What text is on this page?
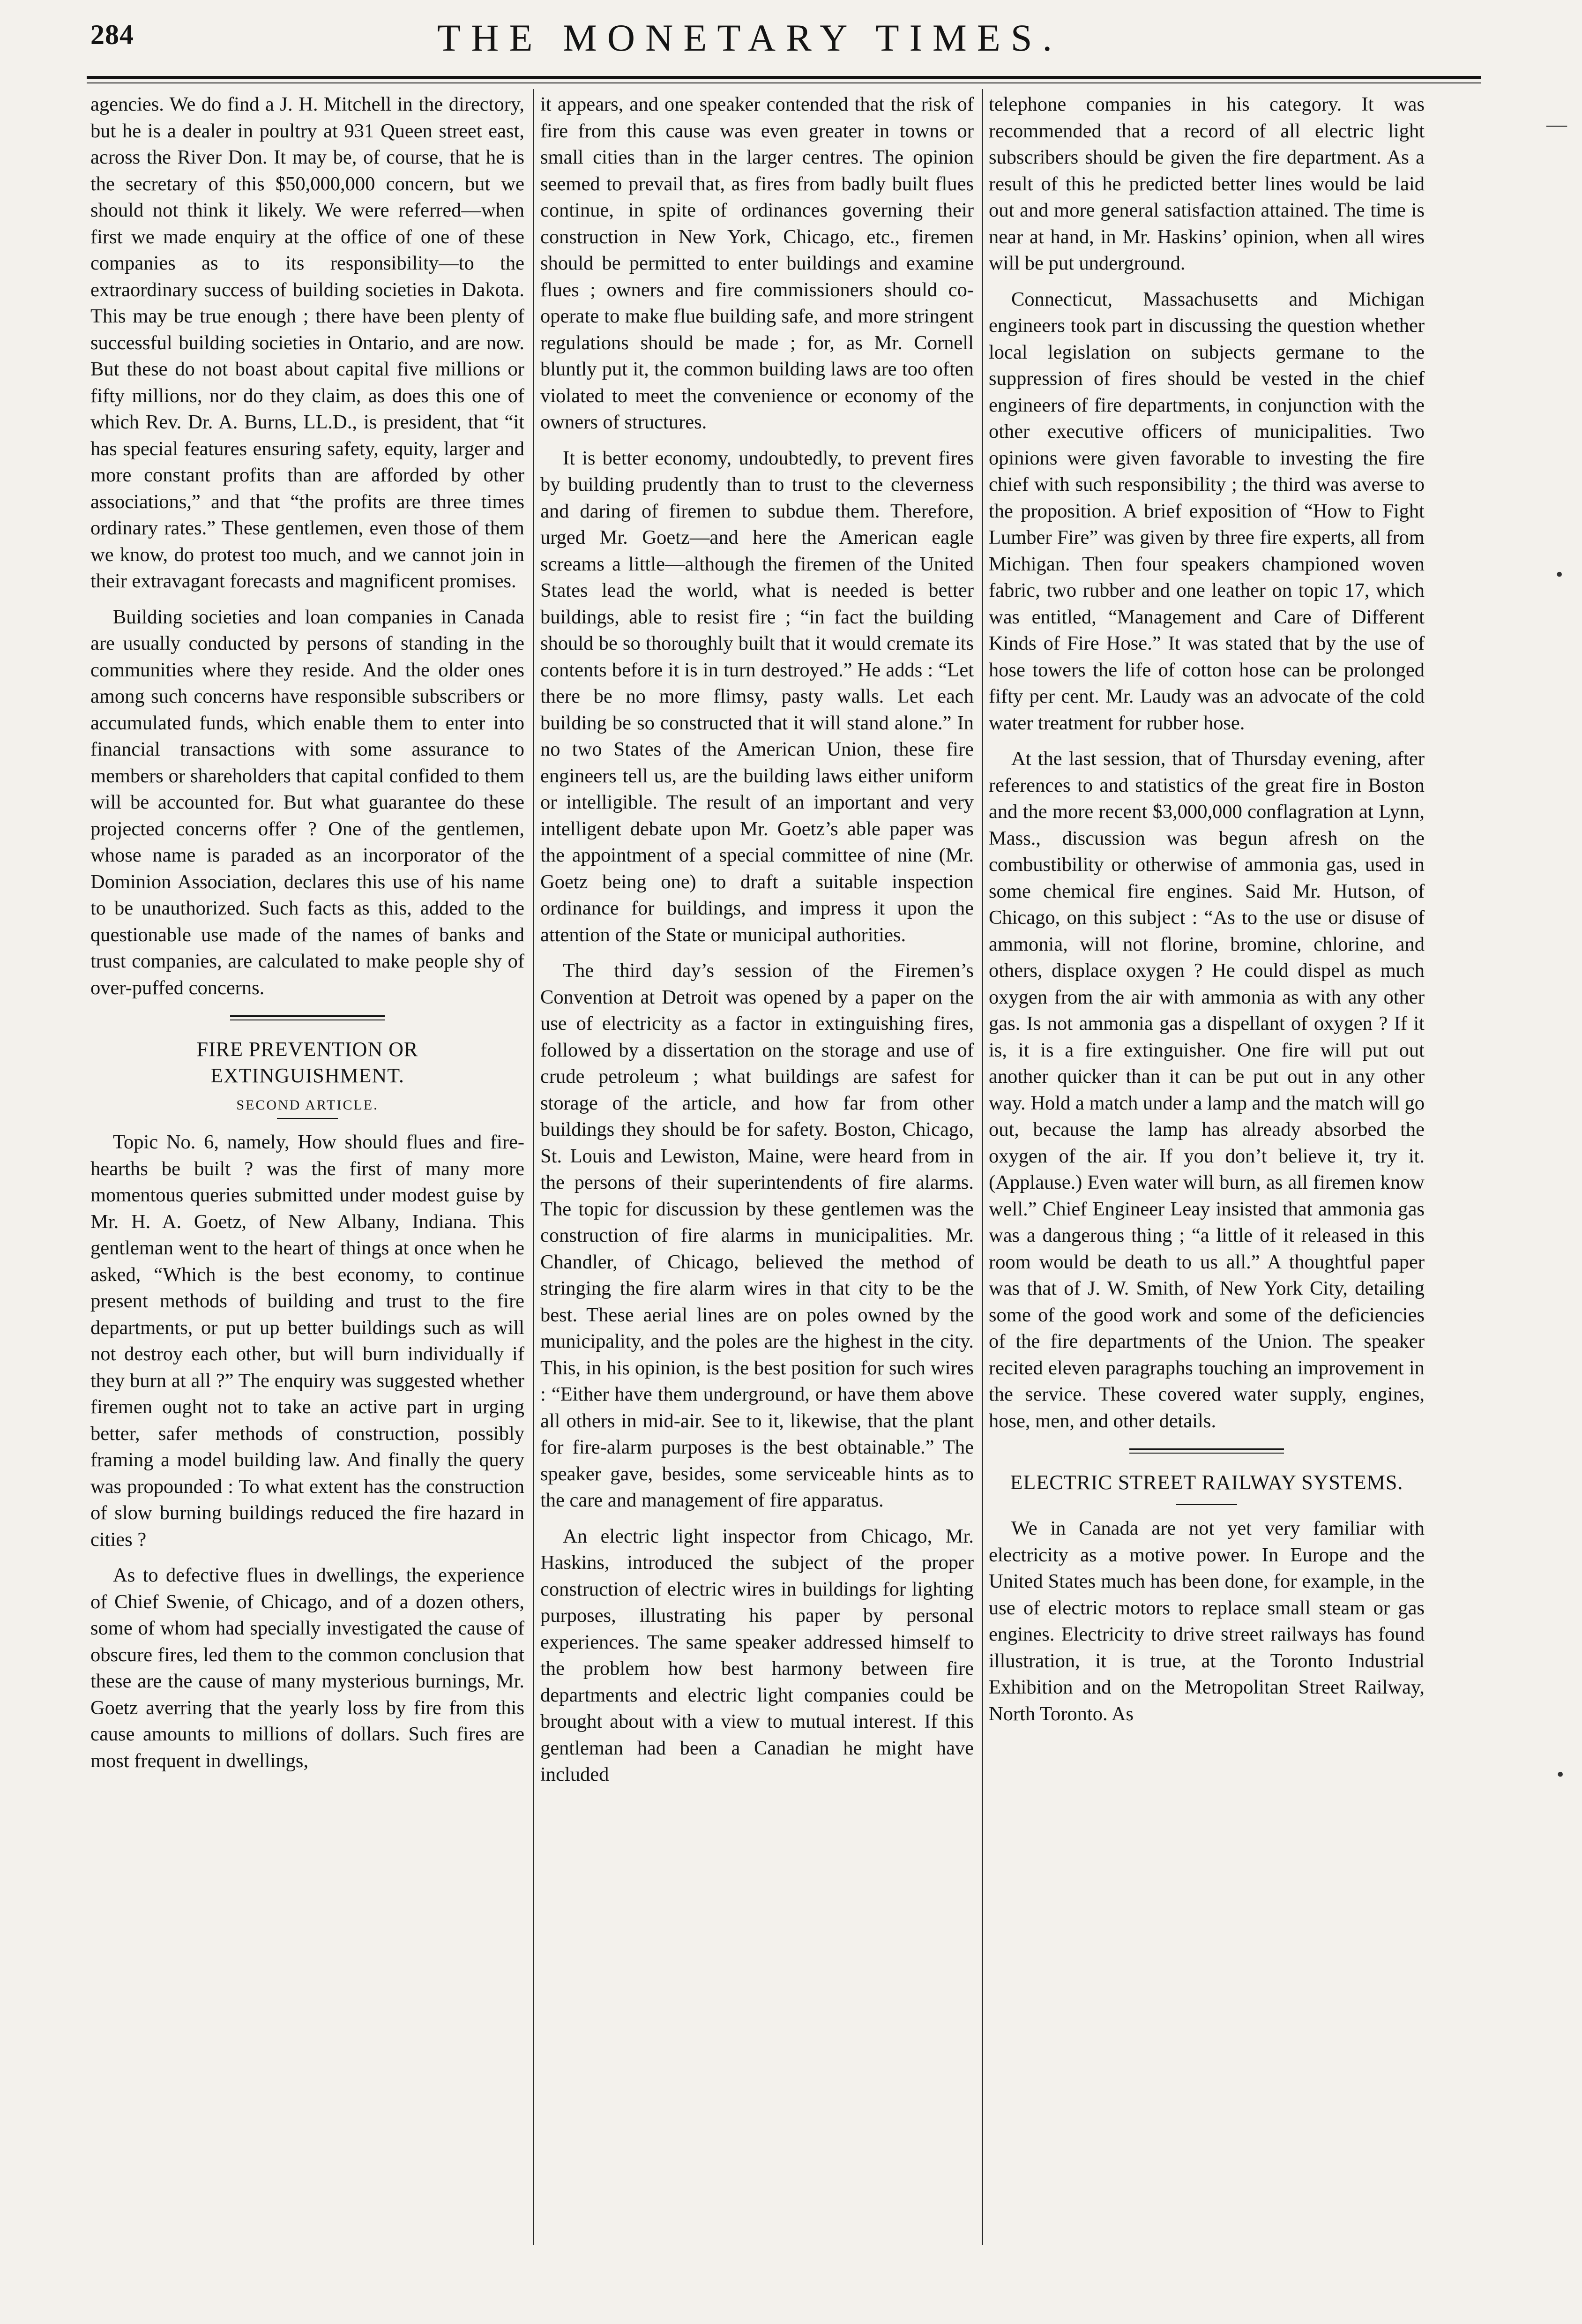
284	THE MONETARY TIMES.

agencies. We do find a J. H. Mitchell in the directory, but he is a dealer in poultry at 931 Queen street east, across the River Don. It may be, of course, that he is the secretary of this $50,000,000 concern, but we should not think it likely. We were referred—when first we made enquiry at the office of one of these companies as to its responsibility—to the extraordinary success of building societies in Dakota. This may be true enough ; there have been plenty of successful building societies in Ontario, and are now. But these do not boast about capital five millions or fifty millions, nor do they claim, as does this one of which Rev. Dr. A. Burns, LL.D., is president, that “it has special features ensuring safety, equity, larger and more constant profits than are afforded by other associations,” and that “the profits are three times ordinary rates.” These gentlemen, even those of them we know, do protest too much, and we cannot join in their extravagant forecasts and magnificent promises.

Building societies and loan companies in Canada are usually conducted by persons of standing in the communities where they reside. And the older ones among such concerns have responsible subscribers or accumulated funds, which enable them to enter into financial transactions with some assurance to members or shareholders that capital confided to them will be accounted for. But what guarantee do these projected concerns offer ? One of the gentlemen, whose name is paraded as an incorporator of the Dominion Association, declares this use of his name to be unauthorized. Such facts as this, added to the questionable use made of the names of banks and trust companies, are calculated to make people shy of over-puffed concerns.

FIRE PREVENTION OR EXTINGUISHMENT.
SECOND ARTICLE.

Topic No. 6, namely, How should flues and fire-hearths be built ? was the first of many more momentous queries submitted under modest guise by Mr. H. A. Goetz, of New Albany, Indiana. This gentleman went to the heart of things at once when he asked, “Which is the best economy, to continue present methods of building and trust to the fire departments, or put up better buildings such as will not destroy each other, but will burn individually if they burn at all ?” The enquiry was suggested whether firemen ought not to take an active part in urging better, safer methods of construction, possibly framing a model building law. And finally the query was propounded : To what extent has the construction of slow burning buildings reduced the fire hazard in cities ?

As to defective flues in dwellings, the experience of Chief Swenie, of Chicago, and of a dozen others, some of whom had specially investigated the cause of obscure fires, led them to the common conclusion that these are the cause of many mysterious burnings, Mr. Goetz averring that the yearly loss by fire from this cause amounts to millions of dollars. Such fires are most frequent in dwellings,

it appears, and one speaker contended that the risk of fire from this cause was even greater in towns or small cities than in the larger centres. The opinion seemed to prevail that, as fires from badly built flues continue, in spite of ordinances governing their construction in New York, Chicago, etc., firemen should be permitted to enter buildings and examine flues ; owners and fire commissioners should co-operate to make flue building safe, and more stringent regulations should be made ; for, as Mr. Cornell bluntly put it, the common building laws are too often violated to meet the convenience or economy of the owners of structures.

It is better economy, undoubtedly, to prevent fires by building prudently than to trust to the cleverness and daring of firemen to subdue them. Therefore, urged Mr. Goetz—and here the American eagle screams a little—although the firemen of the United States lead the world, what is needed is better buildings, able to resist fire ; “in fact the building should be so thoroughly built that it would cremate its contents before it is in turn destroyed.” He adds : “Let there be no more flimsy, pasty walls. Let each building be so constructed that it will stand alone.” In no two States of the American Union, these fire engineers tell us, are the building laws either uniform or intelligible. The result of an important and very intelligent debate upon Mr. Goetz’s able paper was the appointment of a special committee of nine (Mr. Goetz being one) to draft a suitable inspection ordinance for buildings, and impress it upon the attention of the State or municipal authorities.

The third day’s session of the Firemen’s Convention at Detroit was opened by a paper on the use of electricity as a factor in extinguishing fires, followed by a dissertation on the storage and use of crude petroleum ; what buildings are safest for storage of the article, and how far from other buildings they should be for safety. Boston, Chicago, St. Louis and Lewiston, Maine, were heard from in the persons of their superintendents of fire alarms. The topic for discussion by these gentlemen was the construction of fire alarms in municipalities. Mr. Chandler, of Chicago, believed the method of stringing the fire alarm wires in that city to be the best. These aerial lines are on poles owned by the municipality, and the poles are the highest in the city. This, in his opinion, is the best position for such wires : “Either have them underground, or have them above all others in mid-air. See to it, likewise, that the plant for fire-alarm purposes is the best obtainable.” The speaker gave, besides, some serviceable hints as to the care and management of fire apparatus.

An electric light inspector from Chicago, Mr. Haskins, introduced the subject of the proper construction of electric wires in buildings for lighting purposes, illustrating his paper by personal experiences. The same speaker addressed himself to the problem how best harmony between fire departments and electric light companies could be brought about with a view to mutual interest. If this gentleman had been a Canadian he might have included

telephone companies in his category. It was recommended that a record of all electric light subscribers should be given the fire department. As a result of this he predicted better lines would be laid out and more general satisfaction attained. The time is near at hand, in Mr. Haskins’ opinion, when all wires will be put underground.

Connecticut, Massachusetts and Michigan engineers took part in discussing the question whether local legislation on subjects germane to the suppression of fires should be vested in the chief engineers of fire departments, in conjunction with the other executive officers of municipalities. Two opinions were given favorable to investing the fire chief with such responsibility ; the third was averse to the proposition. A brief exposition of “How to Fight Lumber Fire” was given by three fire experts, all from Michigan. Then four speakers championed woven fabric, two rubber and one leather on topic 17, which was entitled, “Management and Care of Different Kinds of Fire Hose.” It was stated that by the use of hose towers the life of cotton hose can be prolonged fifty per cent. Mr. Laudy was an advocate of the cold water treatment for rubber hose.

At the last session, that of Thursday evening, after references to and statistics of the great fire in Boston and the more recent $3,000,000 conflagration at Lynn, Mass., discussion was begun afresh on the combustibility or otherwise of ammonia gas, used in some chemical fire engines. Said Mr. Hutson, of Chicago, on this subject : “As to the use or disuse of ammonia, will not florine, bromine, chlorine, and others, displace oxygen ? He could dispel as much oxygen from the air with ammonia as with any other gas. Is not ammonia gas a dispellant of oxygen ? If it is, it is a fire extinguisher. One fire will put out another quicker than it can be put out in any other way. Hold a match under a lamp and the match will go out, because the lamp has already absorbed the oxygen of the air. If you don’t believe it, try it. (Applause.) Even water will burn, as all firemen know well.” Chief Engineer Leay insisted that ammonia gas was a dangerous thing ; “a little of it released in this room would be death to us all.” A thoughtful paper was that of J. W. Smith, of New York City, detailing some of the good work and some of the deficiencies of the fire departments of the Union. The speaker recited eleven paragraphs touching an improvement in the service. These covered water supply, engines, hose, men, and other details.

ELECTRIC STREET RAILWAY SYSTEMS.

We in Canada are not yet very familiar with electricity as a motive power. In Europe and the United States much has been done, for example, in the use of electric motors to replace small steam or gas engines. Electricity to drive street railways has found illustration, it is true, at the Toronto Industrial Exhibition and on the Metropolitan Street Railway, North Toronto. As

—
•
•
